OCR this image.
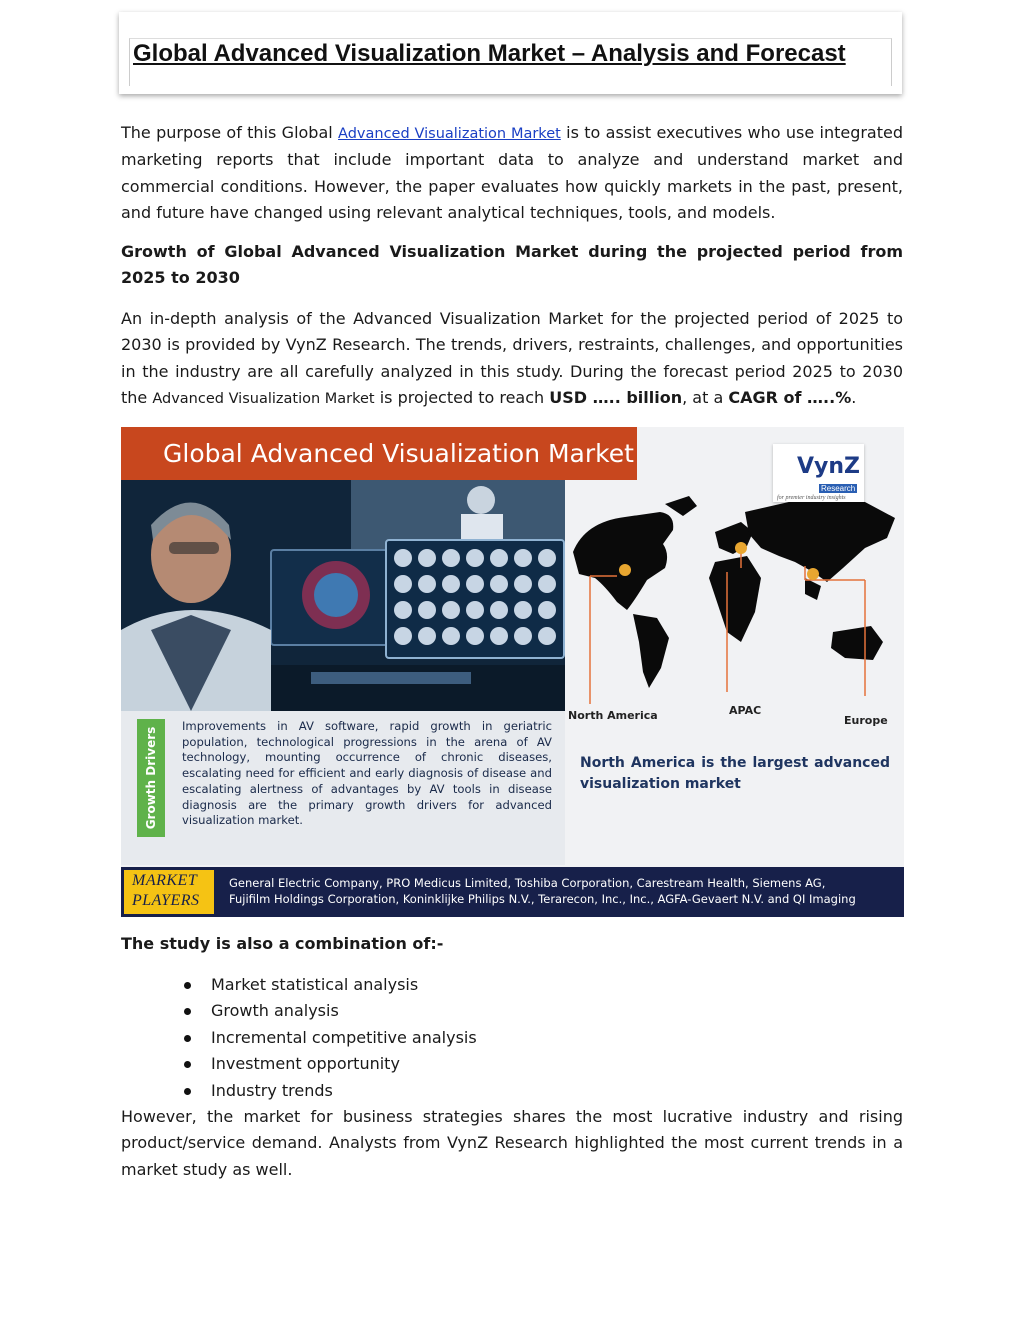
Global Advanced Visualization Market – Analysis and Forecast
The purpose of this Global Advanced Visualization Market is to assist executives who use integrated marketing reports that include important data to analyze and understand market and commercial conditions. However, the paper evaluates how quickly markets in the past, present, and future have changed using relevant analytical techniques, tools, and models.
Growth of Global Advanced Visualization Market during the projected period from 2025 to 2030
An in-depth analysis of the Advanced Visualization Market for the projected period of 2025 to 2030 is provided by VynZ Research. The trends, drivers, restraints, challenges, and opportunities in the industry are all carefully analyzed in this study. During the forecast period 2025 to 2030 the Advanced Visualization Market is projected to reach USD ….. billion, at a CAGR of …..%.
Global Advanced Visualization Market	VynZ
Research
for premier industry insights
North America	APAC
Europe
Growth Drivers
Improvements in AV software, rapid growth in geriatric population, technological progressions in the arena of AV technology, mounting occurrence of chronic diseases, escalating need for efficient and early diagnosis of disease and escalating alertness of advantages by AV tools in disease diagnosis are the primary growth drivers for advanced visualization market.
North America is the largest advanced visualization market
MARKET
PLAYERS
General Electric Company, PRO Medicus Limited, Toshiba Corporation, Carestream Health, Siemens AG,
Fujifilm Holdings Corporation, Koninklijke Philips N.V., Terarecon, Inc., Inc., AGFA-Gevaert N.V. and QI Imaging
The study is also a combination of:-
Market statistical analysis
Growth analysis
Incremental competitive analysis
Investment opportunity
Industry trends
However, the market for business strategies shares the most lucrative industry and rising product/service demand. Analysts from VynZ Research highlighted the most current trends in a market study as well.
